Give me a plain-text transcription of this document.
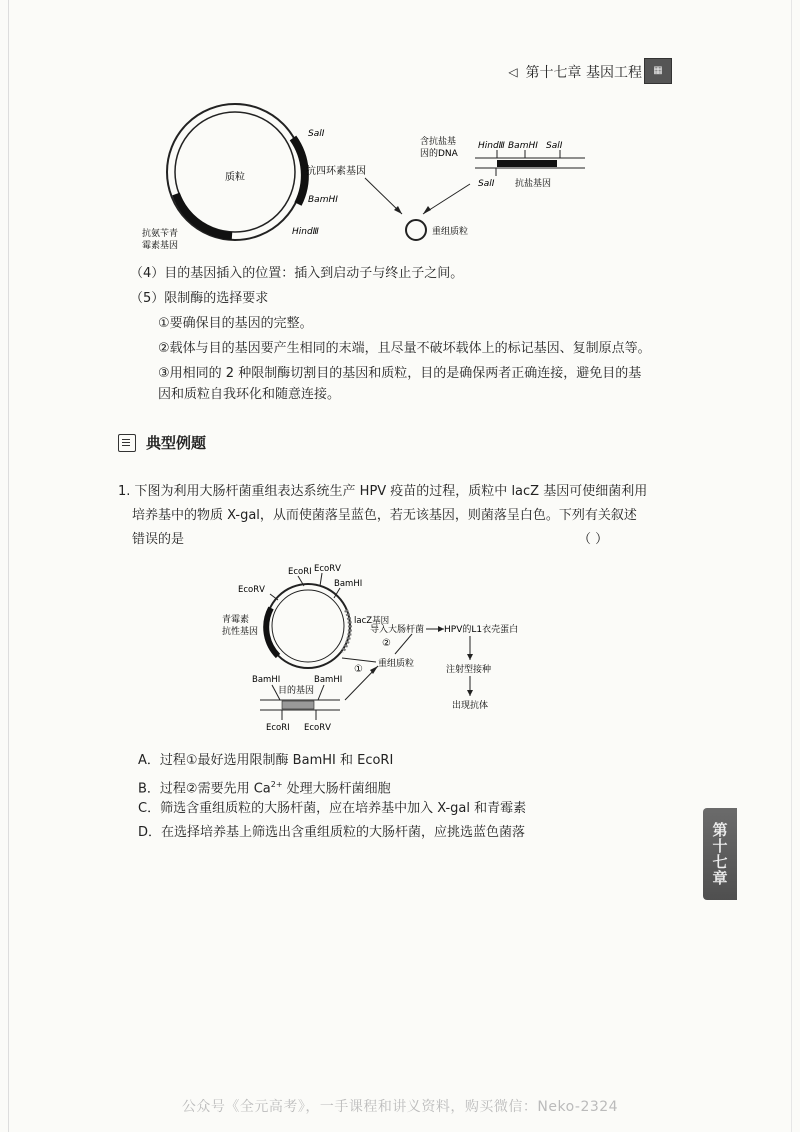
◁ 第十七章 基因工程	▦
质粒
SalⅠ
抗四环素基因
BamHⅠ
HindⅢ
抗氨苄青
霉素基因
含抗盐基
因的DNA
HindⅢ BamHⅠ SalⅠ
SalⅠ 抗盐基因
重组质粒
（4）目的基因插入的位置：插入到启动子与终止子之间。
（5）限制酶的选择要求
①要确保目的基因的完整。
②载体与目的基因要产生相同的末端，且尽量不破坏载体上的标记基因、复制原点等。
③用相同的 2 种限制酶切割目的基因和质粒，目的是确保两者正确连接，避免目的基
因和质粒自我环化和随意连接。
典型例题
1. 下图为利用大肠杆菌重组表达系统生产 HPV 疫苗的过程，质粒中 lacZ 基因可使细菌利用
培养基中的物质 X-gal，从而使菌落呈蓝色，若无该基因，则菌落呈白色。下列有关叙述
错误的是	（ ）
EcoRⅠ EcoRⅤ
EcoRⅤ
BamHⅠ
青霉素
抗性基因
lacZ基因
BamHⅠ	BamHⅠ
目的基因
EcoRⅠ EcoRⅤ
① 重组质粒
②
导入大肠杆菌 HPV的L1衣壳蛋白
注射型接种
出现抗体
A．过程①最好选用限制酶 BamHI 和 EcoRI
B．过程②需要先用 $Ca^{2+}$ 处理大肠杆菌细胞
C．筛选含重组质粒的大肠杆菌，应在培养基中加入 X-gal 和青霉素
D．在选择培养基上筛选出含重组质粒的大肠杆菌，应挑选蓝色菌落	第十七章
公众号《全元高考》，一手课程和讲义资料，购买微信：Neko-2324
